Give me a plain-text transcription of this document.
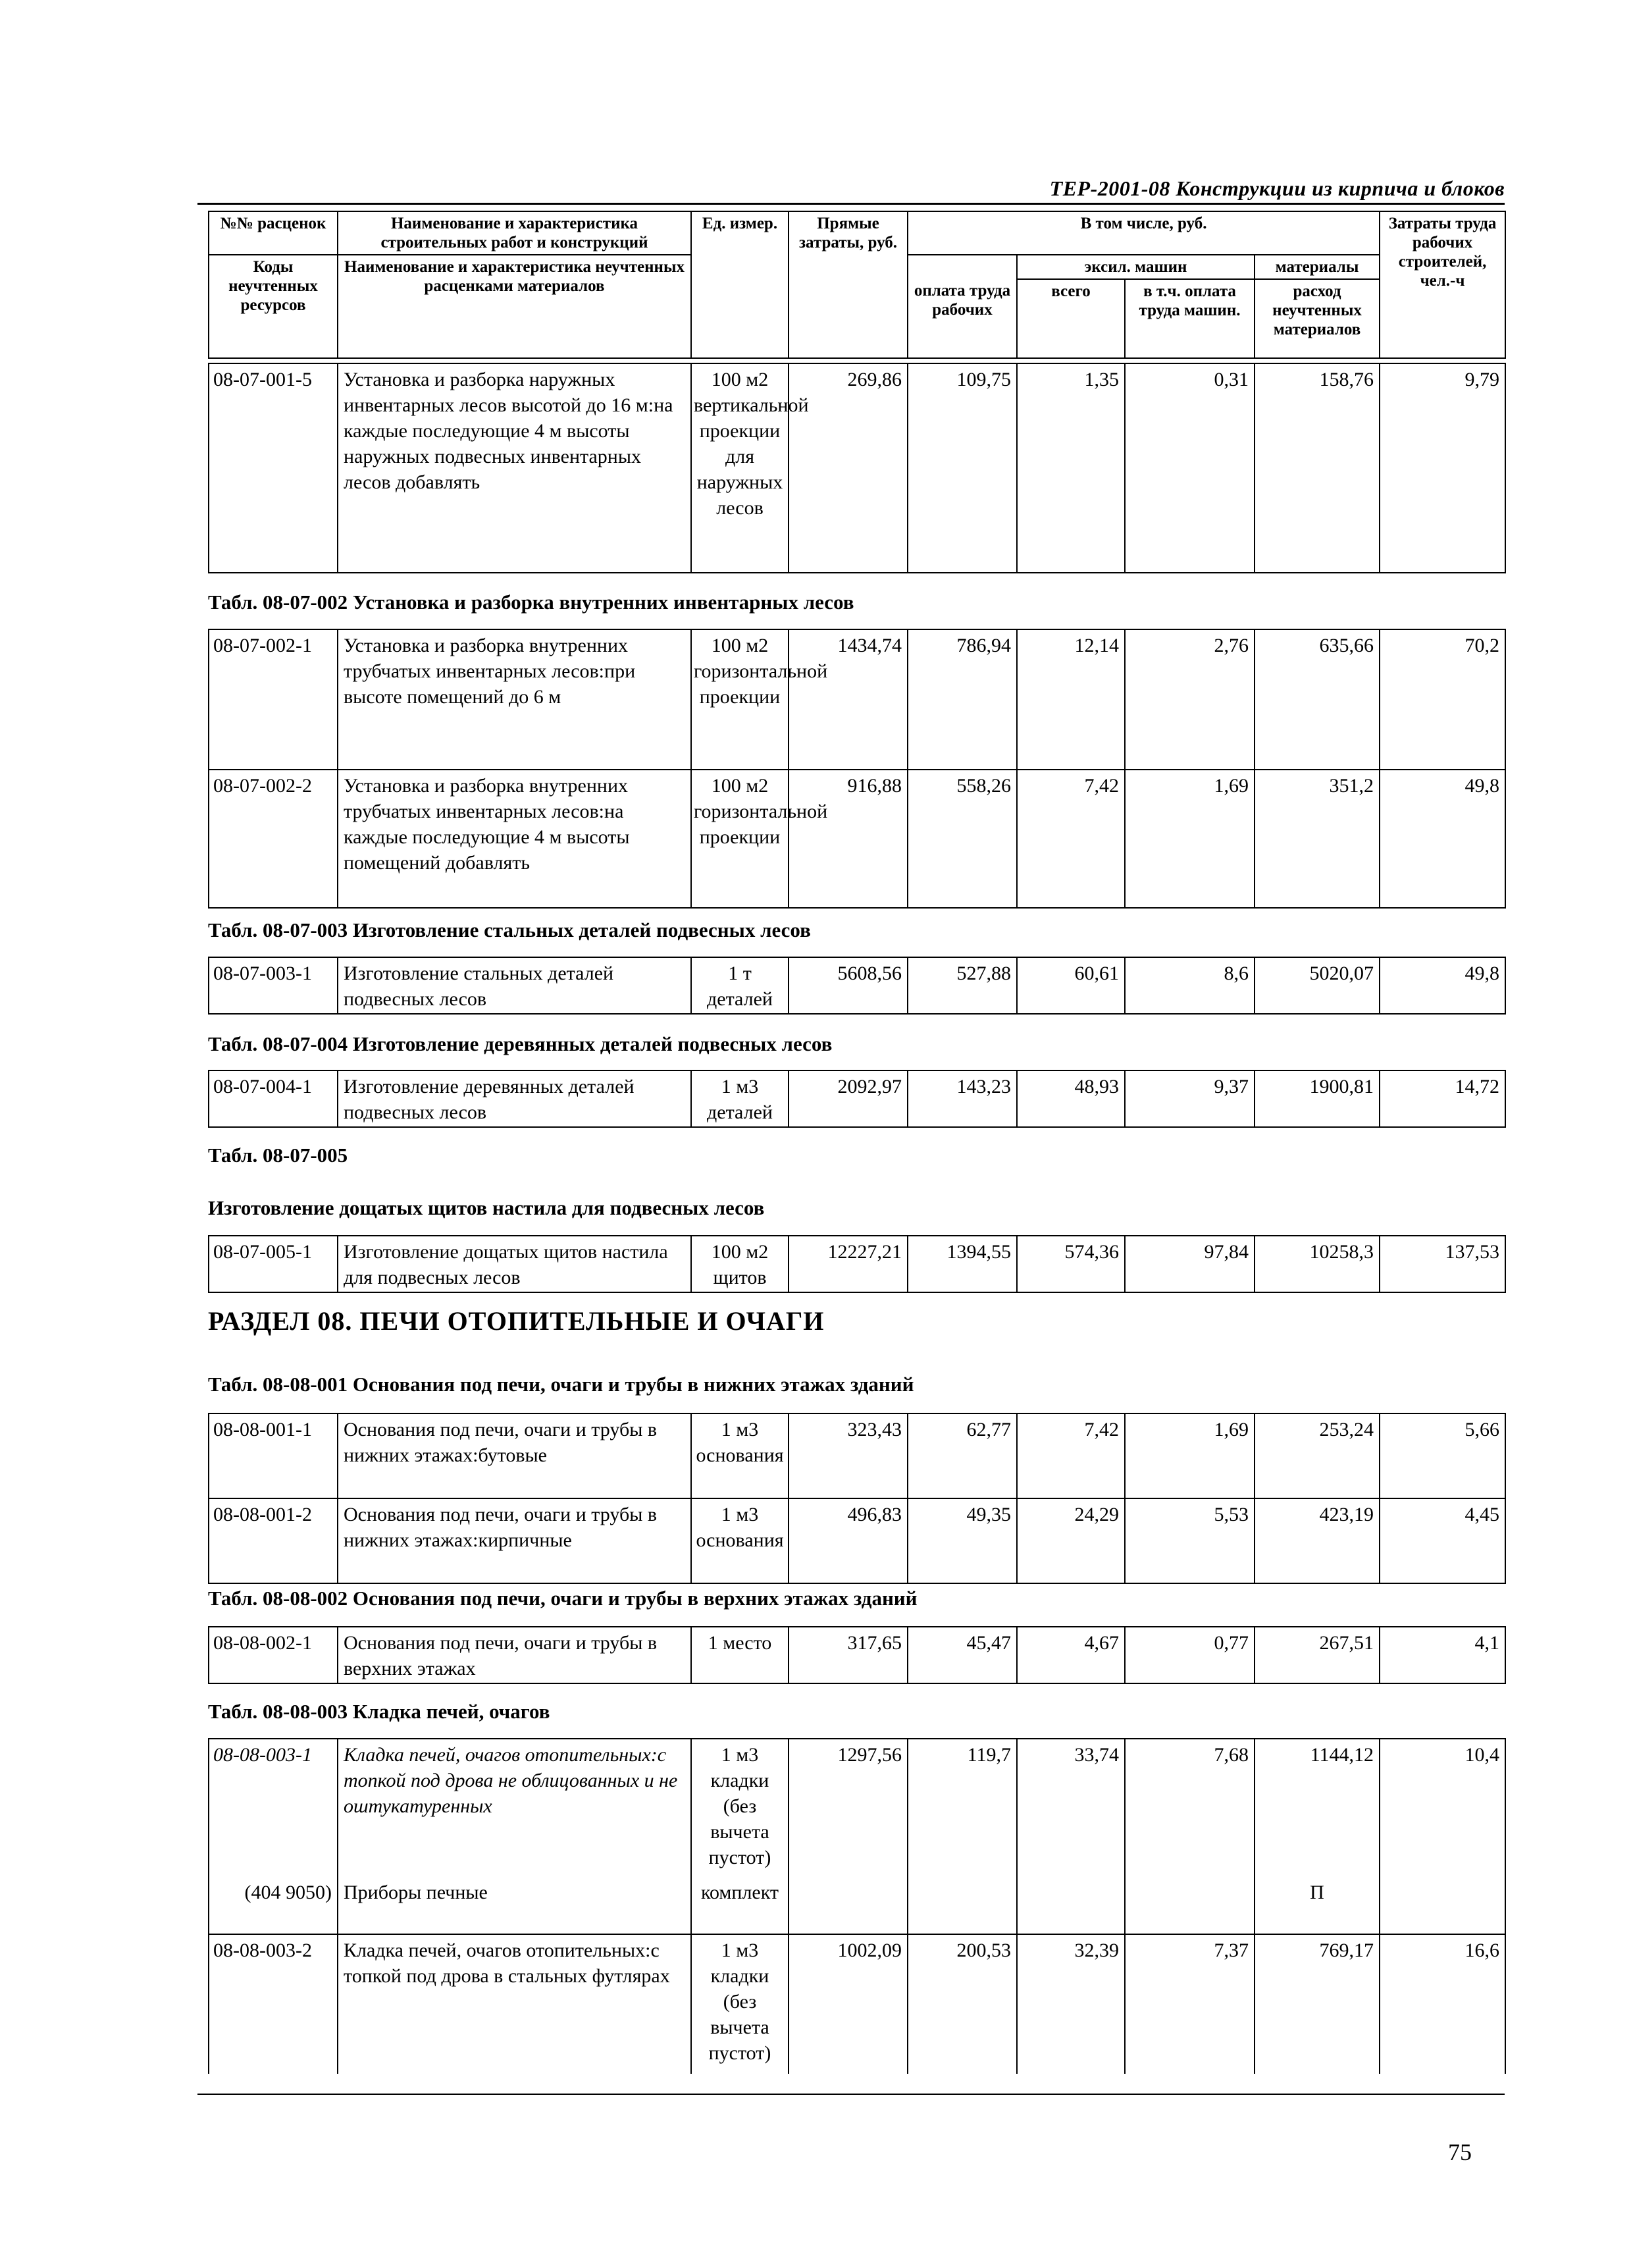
ТЕР-2001-08 Конструкции из кирпича и блоков
№№ расценок	Наименование и характеристика строительных работ и конструкций	Ед. измер.	Прямые затраты, руб.	В том числе, руб.				Затраты труда рабочих строителей, чел.-ч
Коды неучтенных ресурсов	Наименование и характеристика неучтенных расценками материалов				эксил. машин		материалы	
				оплата труда рабочих	всего	в т.ч. оплата труда машин.	расход неучтенных материалов	
08-07-001-5	Установка и разборка наружных инвентарных лесов высотой до 16 м:на каждые последующие 4 м высоты наружных подвесных инвентарных лесов добавлять	100 м2 вертикальной проекции для наружных лесов	269,86	109,75	1,35	0,31	158,76	9,79
Табл. 08-07-002 Установка и разборка внутренних инвентарных лесов
08-07-002-1	Установка и разборка внутренних трубчатых инвентарных лесов:при высоте помещений до 6 м	100 м2 горизонтальной проекции	1434,74	786,94	12,14	2,76	635,66	70,2
08-07-002-2	Установка и разборка внутренних трубчатых инвентарных лесов:на каждые последующие 4 м высоты помещений добавлять	100 м2 горизонтальной проекции	916,88	558,26	7,42	1,69	351,2	49,8
Табл. 08-07-003 Изготовление стальных деталей подвесных лесов
08-07-003-1	Изготовление стальных деталей подвесных лесов	1 т деталей	5608,56	527,88	60,61	8,6	5020,07	49,8
Табл. 08-07-004 Изготовление деревянных деталей подвесных лесов
08-07-004-1	Изготовление деревянных деталей подвесных лесов	1 м3 деталей	2092,97	143,23	48,93	9,37	1900,81	14,72
Табл. 08-07-005
Изготовление дощатых щитов настила для подвесных лесов
08-07-005-1	Изготовление дощатых щитов настила для подвесных лесов	100 м2 щитов	12227,21	1394,55	574,36	97,84	10258,3	137,53
РАЗДЕЛ 08. ПЕЧИ ОТОПИТЕЛЬНЫЕ И ОЧАГИ
Табл. 08-08-001 Основания под печи, очаги и трубы в нижних этажах зданий
08-08-001-1	Основания под печи, очаги и трубы в нижних этажах:бутовые	1 м3 основания	323,43	62,77	7,42	1,69	253,24	5,66
08-08-001-2	Основания под печи, очаги и трубы в нижних этажах:кирпичные	1 м3 основания	496,83	49,35	24,29	5,53	423,19	4,45
Табл. 08-08-002 Основания под печи, очаги и трубы в верхних этажах зданий
08-08-002-1	Основания под печи, очаги и трубы в верхних этажах	1 место	317,65	45,47	4,67	0,77	267,51	4,1
Табл. 08-08-003 Кладка печей, очагов
08-08-003-1	Кладка печей, очагов отопительных:с топкой под дрова не облицованных и не оштукатуренных	1 м3 кладки (без вычета пустот)	1297,56	119,7	33,74	7,68	1144,12	10,4
(404 9050)	Приборы печные	комплект					П	
08-08-003-2	Кладка печей, очагов отопительных:с топкой под дрова в стальных футлярах	1 м3 кладки (без вычета пустот)	1002,09	200,53	32,39	7,37	769,17	16,6
75
